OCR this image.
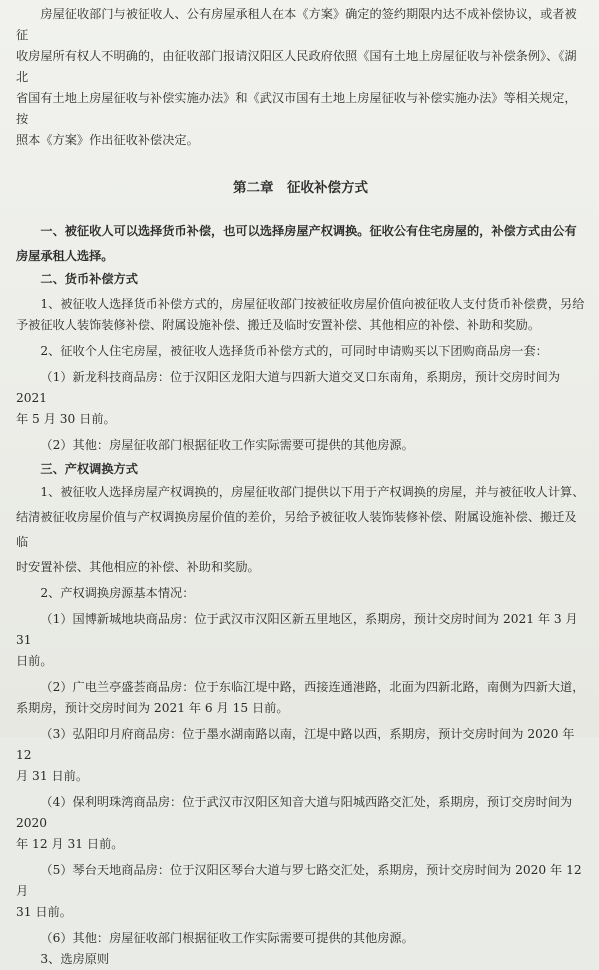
房屋征收部门与被征收人、公有房屋承租人在本《方案》确定的签约期限内达不成补偿协议，或者被征

收房屋所有权人不明确的，由征收部门报请汉阳区人民政府依照《国有土地上房屋征收与补偿条例》、《湖北

省国有土地上房屋征收与补偿实施办法》和《武汉市国有土地上房屋征收与补偿实施办法》等相关规定，按

照本《方案》作出征收补偿决定。

第二章　征收补偿方式

一、被征收人可以选择货币补偿，也可以选择房屋产权调换。征收公有住宅房屋的，补偿方式由公有

房屋承租人选择。

二、货币补偿方式

1、被征收人选择货币补偿方式的，房屋征收部门按被征收房屋价值向被征收人支付货币补偿费，另给

予被征收人装饰装修补偿、附属设施补偿、搬迁及临时安置补偿、其他相应的补偿、补助和奖励。

2、征收个人住宅房屋，被征收人选择货币补偿方式的，可同时申请购买以下团购商品房一套：

（1）新龙科技商品房：位于汉阳区龙阳大道与四新大道交叉口东南角，系期房，预计交房时间为 2021

年 5 月 30 日前。

（2）其他：房屋征收部门根据征收工作实际需要可提供的其他房源。

三、产权调换方式

1、被征收人选择房屋产权调换的，房屋征收部门提供以下用于产权调换的房屋，并与被征收人计算、

结清被征收房屋价值与产权调换房屋价值的差价，另给予被征收人装饰装修补偿、附属设施补偿、搬迁及临

时安置补偿、其他相应的补偿、补助和奖励。

2、产权调换房源基本情况：

（1）国博新城地块商品房：位于武汉市汉阳区新五里地区，系期房，预计交房时间为 2021 年 3 月 31

日前。

（2）广电兰亭盛荟商品房：位于东临江堤中路，西接连通港路，北面为四新北路，南侧为四新大道，

系期房，预计交房时间为 2021 年 6 月 15 日前。

（3）弘阳印月府商品房：位于墨水湖南路以南，江堤中路以西，系期房，预计交房时间为 2020 年 12

月 31 日前。

（4）保利明珠湾商品房：位于武汉市汉阳区知音大道与阳城西路交汇处，系期房，预订交房时间为 2020

年 12 月 31 日前。

（5）琴台天地商品房：位于汉阳区琴台大道与罗七路交汇处，系期房，预计交房时间为 2020 年 12 月

31 日前。

（6）其他：房屋征收部门根据征收工作实际需要可提供的其他房源。

3、选房原则
